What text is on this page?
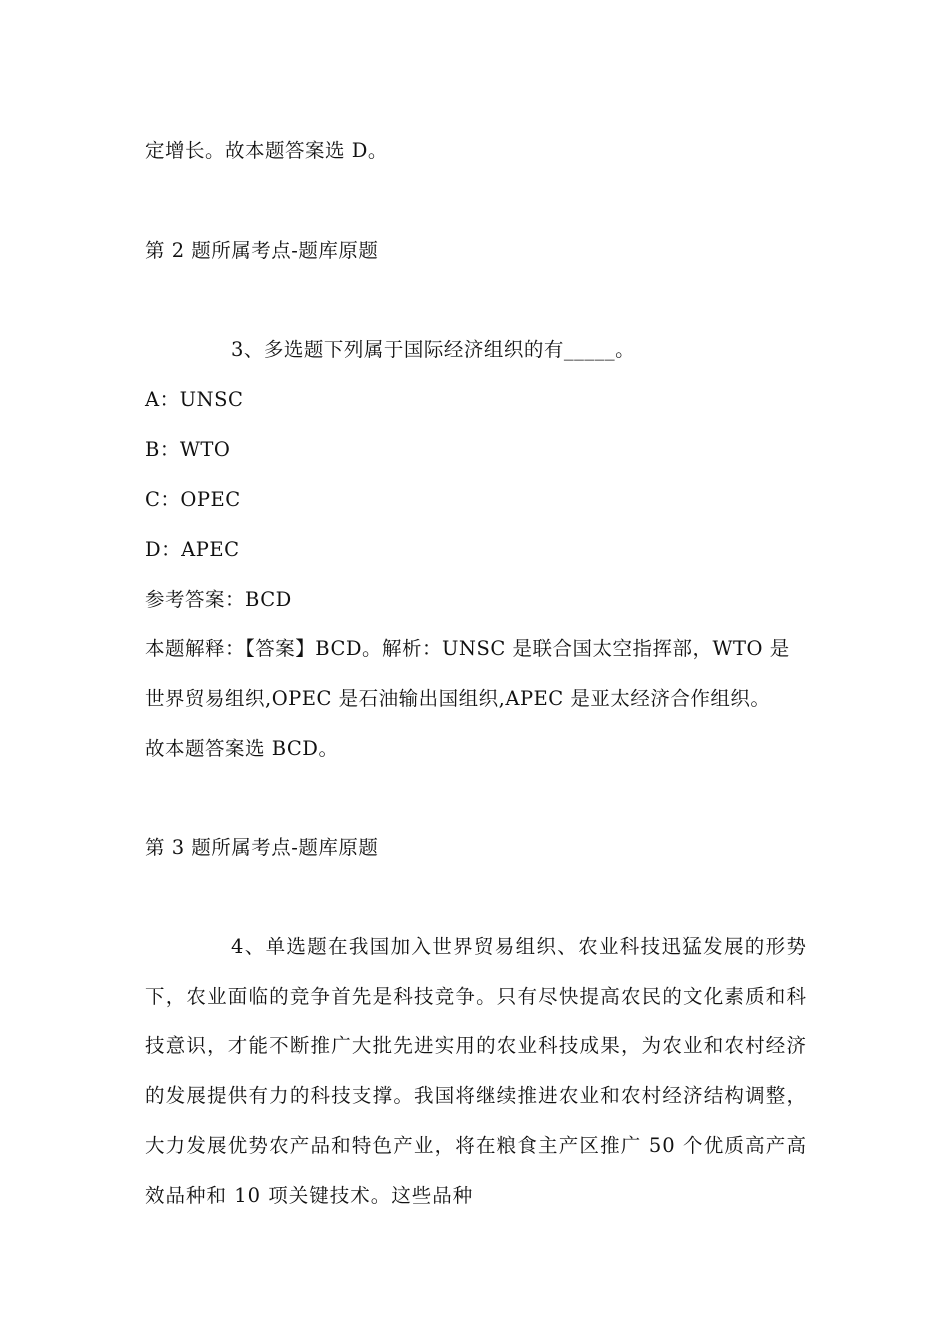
定增长。故本题答案选 D。
第 2 题所属考点-题库原题
3、多选题下列属于国际经济组织的有_____。
A：UNSC
B：WTO
C：OPEC
D：APEC
参考答案：BCD
本题解释：【答案】BCD。解析：UNSC 是联合国太空指挥部，WTO 是
世界贸易组织,OPEC 是石油输出国组织,APEC 是亚太经济合作组织。
故本题答案选 BCD。
第 3 题所属考点-题库原题
4、单选题在我国加入世界贸易组织、农业科技迅猛发展的形势下，农业面临的竞争首先是科技竞争。只有尽快提高农民的文化素质和科技意识，才能不断推广大批先进实用的农业科技成果，为农业和农村经济的发展提供有力的科技支撑。我国将继续推进农业和农村经济结构调整，大力发展优势农产品和特色产业，将在粮食主产区推广 50 个优质高产高效品种和 10 项关键技术。这些品种
